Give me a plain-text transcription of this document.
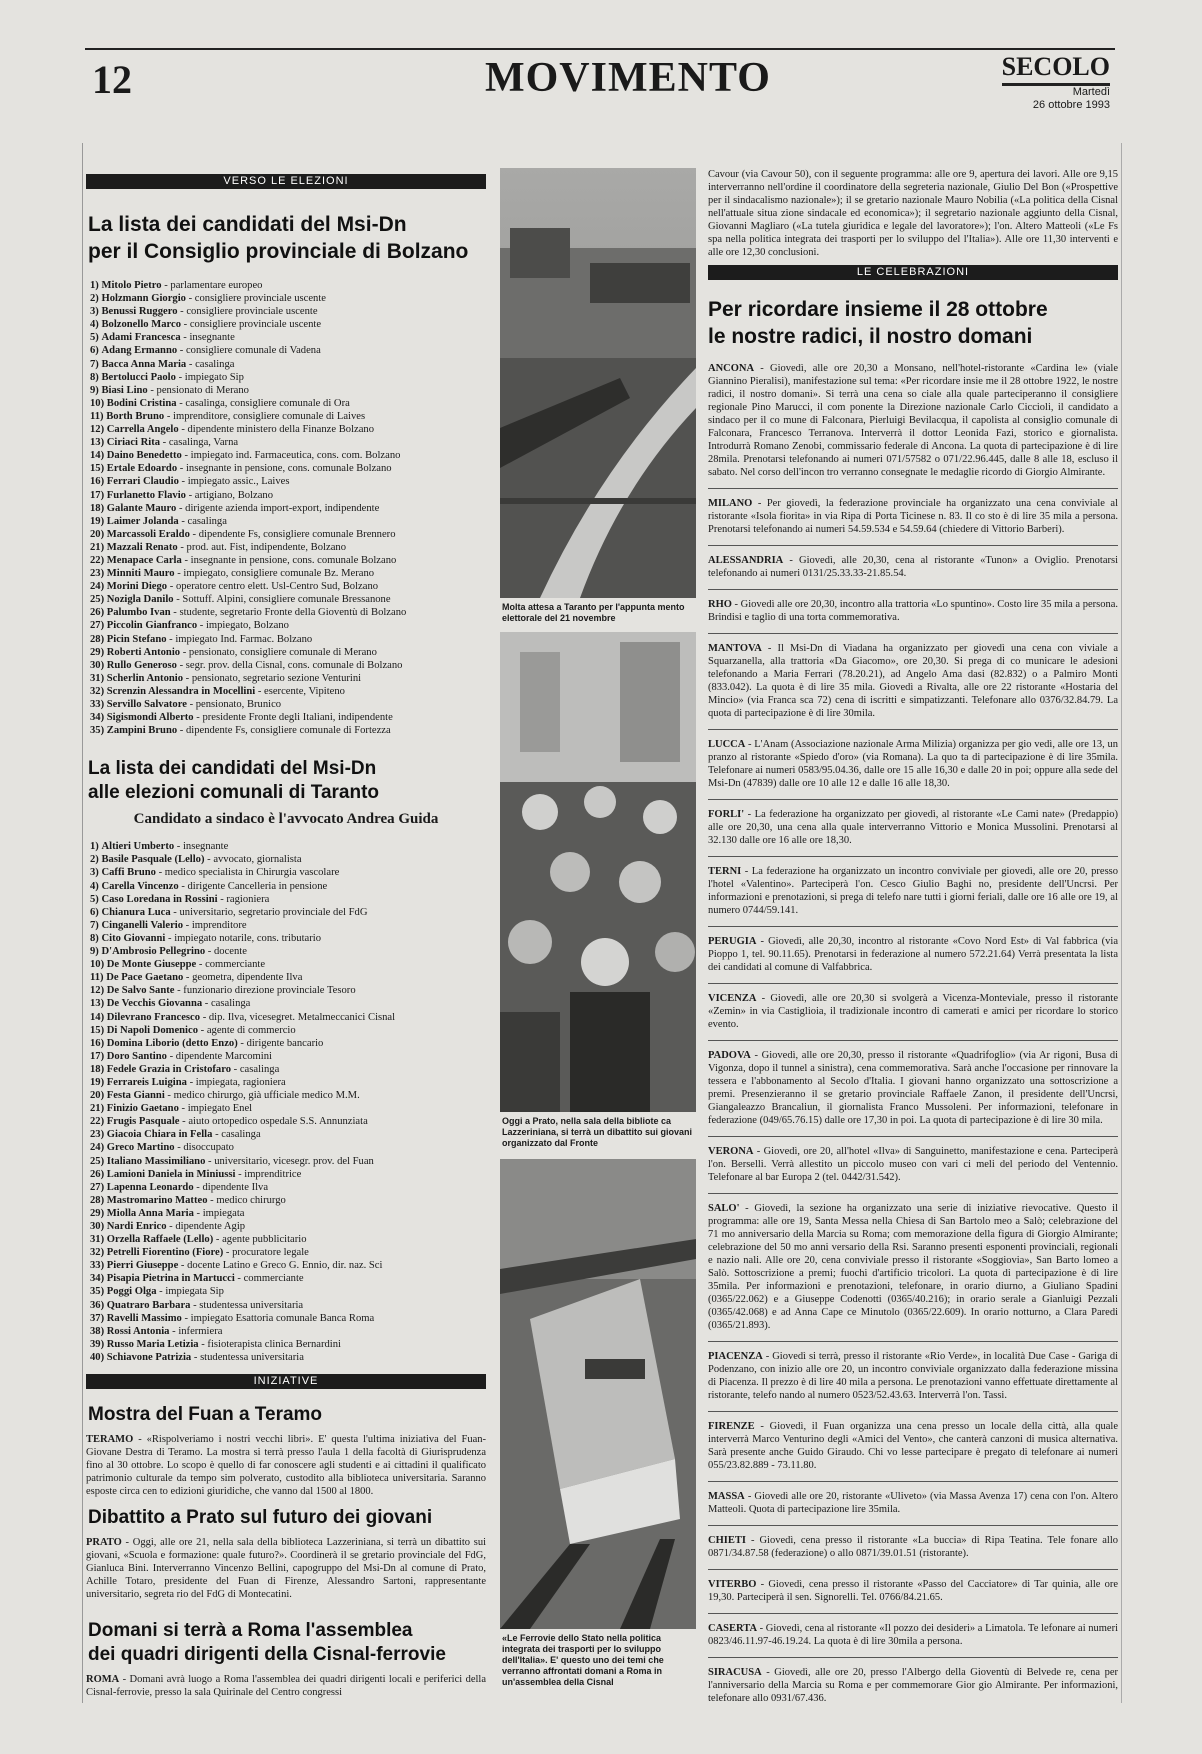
12	MOVIMENTO	SECOLO
Martedì
26 ottobre 1993
VERSO LE ELEZIONI
La lista dei candidati del Msi-Dn
per il Consiglio provinciale di Bolzano
1) Mitolo Pietro - parlamentare europeo
2) Holzmann Giorgio - consigliere provinciale uscente
3) Benussi Ruggero - consigliere provinciale uscente
4) Bolzonello Marco - consigliere provinciale uscente
5) Adami Francesca - insegnante
6) Adang Ermanno - consigliere comunale di Vadena
7) Bacca Anna Maria - casalinga
8) Bertolucci Paolo - impiegato Sip
9) Biasi Lino - pensionato di Merano
10) Bodini Cristina - casalinga, consigliere comunale di Ora
11) Borth Bruno - imprenditore, consigliere comunale di Laives
12) Carrella Angelo - dipendente ministero della Finanze Bolzano
13) Ciriaci Rita - casalinga, Varna
14) Daino Benedetto - impiegato ind. Farmaceutica, cons. com. Bolzano
15) Ertale Edoardo - insegnante in pensione, cons. comunale Bolzano
16) Ferrari Claudio - impiegato assic., Laives
17) Furlanetto Flavio - artigiano, Bolzano
18) Galante Mauro - dirigente azienda import-export, indipendente
19) Laimer Jolanda - casalinga
20) Marcassoli Eraldo - dipendente Fs, consigliere comunale Brennero
21) Mazzali Renato - prod. aut. Fist, indipendente, Bolzano
22) Menapace Carla - insegnante in pensione, cons. comunale Bolzano
23) Minniti Mauro - impiegato, consigliere comunale Bz. Merano
24) Morini Diego - operatore centro elett. Usl-Centro Sud, Bolzano
25) Nozigla Danilo - Sottuff. Alpini, consigliere comunale Bressanone
26) Palumbo Ivan - studente, segretario Fronte della Gioventù di Bolzano
27) Piccolin Gianfranco - impiegato, Bolzano
28) Picin Stefano - impiegato Ind. Farmac. Bolzano
29) Roberti Antonio - pensionato, consigliere comunale di Merano
30) Rullo Generoso - segr. prov. della Cisnal, cons. comunale di Bolzano
31) Scherlin Antonio - pensionato, segretario sezione Venturini
32) Screnzin Alessandra in Mocellini - esercente, Vipiteno
33) Servillo Salvatore - pensionato, Brunico
34) Sigismondi Alberto - presidente Fronte degli Italiani, indipendente
35) Zampini Bruno - dipendente Fs, consigliere comunale di Fortezza
La lista dei candidati del Msi-Dn
alle elezioni comunali di Taranto
Candidato a sindaco è l'avvocato Andrea Guida
1) Altieri Umberto - insegnante
2) Basile Pasquale (Lello) - avvocato, giornalista
3) Caffi Bruno - medico specialista in Chirurgia vascolare
4) Carella Vincenzo - dirigente Cancelleria in pensione
5) Caso Loredana in Rossini - ragioniera
6) Chianura Luca - universitario, segretario provinciale del FdG
7) Cinganelli Valerio - imprenditore
8) Cito Giovanni - impiegato notarile, cons. tributario
9) D'Ambrosio Pellegrino - docente
10) De Monte Giuseppe - commerciante
11) De Pace Gaetano - geometra, dipendente Ilva
12) De Salvo Sante - funzionario direzione provinciale Tesoro
13) De Vecchis Giovanna - casalinga
14) Dilevrano Francesco - dip. Ilva, vicesegret. Metalmeccanici Cisnal
15) Di Napoli Domenico - agente di commercio
16) Domina Liborio (detto Enzo) - dirigente bancario
17) Doro Santino - dipendente Marcomini
18) Fedele Grazia in Cristofaro - casalinga
19) Ferrareis Luigina - impiegata, ragioniera
20) Festa Gianni - medico chirurgo, già ufficiale medico M.M.
21) Finizio Gaetano - impiegato Enel
22) Frugis Pasquale - aiuto ortopedico ospedale S.S. Annunziata
23) Giacoia Chiara in Fella - casalinga
24) Greco Martino - disoccupato
25) Italiano Massimiliano - universitario, vicesegr. prov. del Fuan
26) Lamioni Daniela in Miniussi - imprenditrice
27) Lapenna Leonardo - dipendente Ilva
28) Mastromarino Matteo - medico chirurgo
29) Miolla Anna Maria - impiegata
30) Nardi Enrico - dipendente Agip
31) Orzella Raffaele (Lello) - agente pubblicitario
32) Petrelli Fiorentino (Fiore) - procuratore legale
33) Pierri Giuseppe - docente Latino e Greco G. Ennio, dir. naz. Sci
34) Pisapia Pietrina in Martucci - commerciante
35) Poggi Olga - impiegata Sip
36) Quatraro Barbara - studentessa universitaria
37) Ravelli Massimo - impiegato Esattoria comunale Banca Roma
38) Rossi Antonia - infermiera
39) Russo Maria Letizia - fisioterapista clinica Bernardini
40) Schiavone Patrizia - studentessa universitaria
INIZIATIVE
Mostra del Fuan a Teramo

TERAMO - «Rispolveriamo i nostri vecchi libri». E' questa l'ultima iniziativa del Fuan-Giovane Destra di Teramo. La mostra si terrà presso l'aula 1 della facoltà di Giurisprudenza fino al 30 ottobre. Lo scopo è quello di far conoscere agli studenti e ai cittadini il qualificato patrimonio culturale da tempo sim polverato, custodito alla biblioteca universitaria. Saranno esposte circa cen to edizioni giuridiche, che vanno dal 1500 al 1800.

Dibattito a Prato sul futuro dei giovani

PRATO - Oggi, alle ore 21, nella sala della biblioteca Lazzeriniana, si terrà un dibattito sui giovani, «Scuola e formazione: quale futuro?». Coordinerà il se gretario provinciale del FdG, Gianluca Bini. Interverranno Vincenzo Bellini, capogruppo del Msi-Dn al comune di Prato, Achille Totaro, presidente del Fuan di Firenze, Alessandro Sartoni, rappresentante universitario, segreta rio del FdG di Montecatini.

Domani si terrà a Roma l'assemblea
dei quadri dirigenti della Cisnal-ferrovie

ROMA - Domani avrà luogo a Roma l'assemblea dei quadri dirigenti locali e periferici della Cisnal-ferrovie, presso la sala Quirinale del Centro congressi

Molta attesa a Taranto per l'appunta mento elettorale del 21 novembre
Oggi a Prato, nella sala della bibliote ca Lazzeriniana, si terrà un dibattito sui giovani organizzato dal Fronte
«Le Ferrovie dello Stato nella politica integrata dei trasporti per lo sviluppo dell'Italia». E' questo uno dei temi che verranno affrontati domani a Roma in un'assemblea della Cisnal

Cavour (via Cavour 50), con il seguente programma: alle ore 9, apertura dei lavori. Alle ore 9,15 interverranno nell'ordine il coordinatore della segreteria nazionale, Giulio Del Bon («Prospettive per il sindacalismo nazionale»); il se gretario nazionale Mauro Nobilia («La politica della Cisnal nell'attuale situa zione sindacale ed economica»); il segretario nazionale aggiunto della Cisnal, Giovanni Magliaro («La tutela giuridica e legale del lavoratore»); l'on. Altero Matteoli («Le Fs spa nella politica integrata dei trasporti per lo sviluppo del l'Italia»). Alle ore 11,30 interventi e alle ore 12,30 conclusioni.

LE CELEBRAZIONI
Per ricordare insieme il 28 ottobre
le nostre radici, il nostro domani

ANCONA - Giovedì, alle ore 20,30 a Monsano, nell'hotel-ristorante «Cardina le» (viale Giannino Pieralisi), manifestazione sul tema: «Per ricordare insie me il 28 ottobre 1922, le nostre radici, il nostro domani». Si terrà una cena so ciale alla quale parteciperanno il consigliere regionale Pino Marucci, il com ponente la Direzione nazionale Carlo Ciccioli, il candidato a sindaco per il co mune di Falconara, Pierluigi Bevilacqua, il capolista al consiglio comunale di Falconara, Francesco Terranova. Interverrà il dottor Leonida Fazi, storico e giornalista. Introdurrà Romano Zenobi, commissario federale di Ancona. La quota di partecipazione è di lire 28mila. Prenotarsi telefonando ai numeri 071/57582 o 071/22.96.445, dalle 8 alle 18, escluso il sabato. Nel corso dell'incon tro verranno consegnate le medaglie ricordo di Giorgio Almirante.

MILANO - Per giovedì, la federazione provinciale ha organizzato una cena conviviale al ristorante «Isola fiorita» in via Ripa di Porta Ticinese n. 83. Il co sto è di lire 35 mila a persona. Prenotarsi telefonando ai numeri 54.59.534 e 54.59.64 (chiedere di Vittorio Barberi).

ALESSANDRIA - Giovedì, alle 20,30, cena al ristorante «Tunon» a Oviglio. Prenotarsi telefonando ai numeri 0131/25.33.33-21.85.54.

RHO - Giovedì alle ore 20,30, incontro alla trattoria «Lo spuntino». Costo lire 35 mila a persona. Brindisi e taglio di una torta commemorativa.

MANTOVA - Il Msi-Dn di Viadana ha organizzato per giovedì una cena con viviale a Squarzanella, alla trattoria «Da Giacomo», ore 20,30. Si prega di co municare le adesioni telefonando a Maria Ferrari (78.20.21), ad Angelo Ama dasi (82.832) o a Palmiro Monti (833.042). La quota è di lire 35 mila. Giovedì a Rivalta, alle ore 22 ristorante «Hostaria del Mincio» (via Franca sca 72) cena di iscritti e simpatizzanti. Telefonare allo 0376/32.84.79. La quota di partecipazione è di lire 30mila.

LUCCA - L'Anam (Associazione nazionale Arma Milizia) organizza per gio vedì, alle ore 13, un pranzo al ristorante «Spiedo d'oro» (via Romana). La quo ta di partecipazione è di lire 35mila. Telefonare ai numeri 0583/95.04.36, dalle ore 15 alle 16,30 e dalle 20 in poi; oppure alla sede del Msi-Dn (47839) dalle ore 10 alle 12 e dalle 16 alle 18,30.

FORLI' - La federazione ha organizzato per giovedì, al ristorante «Le Cami nate» (Predappio) alle ore 20,30, una cena alla quale interverranno Vittorio e Monica Mussolini. Prenotarsi al 32.130 dalle ore 16 alle ore 18,30.

TERNI - La federazione ha organizzato un incontro conviviale per giovedì, alle ore 20, presso l'hotel «Valentino». Parteciperà l'on. Cesco Giulio Baghi no, presidente dell'Uncrsi. Per informazioni e prenotazioni, si prega di telefo nare tutti i giorni feriali, dalle ore 16 alle ore 19, al numero 0744/59.141.

PERUGIA - Giovedì, alle 20,30, incontro al ristorante «Covo Nord Est» di Val fabbrica (via Pioppo 1, tel. 90.11.65). Prenotarsi in federazione al numero 572.21.64) Verrà presentata la lista dei candidati al comune di Valfabbrica.

VICENZA - Giovedì, alle ore 20,30 si svolgerà a Vicenza-Monteviale, presso il ristorante «Zemin» in via Castiglioia, il tradizionale incontro di camerati e amici per ricordare lo storico evento.

PADOVA - Giovedì, alle ore 20,30, presso il ristorante «Quadrifoglio» (via Ar rigoni, Busa di Vigonza, dopo il tunnel a sinistra), cena commemorativa. Sarà anche l'occasione per rinnovare la tessera e l'abbonamento al Secolo d'Italia. I giovani hanno organizzato una sottoscrizione a premi. Presenzieranno il se gretario provinciale Raffaele Zanon, il presidente dell'Uncrsi, Giangaleazzo Brancaliun, il giornalista Franco Mussoleni. Per informazioni, telefonare in federazione (049/65.76.15) dalle ore 17,30 in poi. La quota di partecipazione è di lire 30 mila.

VERONA - Giovedì, ore 20, all'hotel «Ilva» di Sanguinetto, manifestazione e cena. Parteciperà l'on. Berselli. Verrà allestito un piccolo museo con vari ci meli del periodo del Ventennio. Telefonare al bar Europa 2 (tel. 0442/31.542).

SALO' - Giovedì, la sezione ha organizzato una serie di iniziative rievocative. Questo il programma: alle ore 19, Santa Messa nella Chiesa di San Bartolo meo a Salò; celebrazione del 71 mo anniversario della Marcia su Roma; com memorazione della figura di Giorgio Almirante; celebrazione del 50 mo anni versario della Rsi. Saranno presenti esponenti provinciali, regionali e nazio nali. Alle ore 20, cena conviviale presso il ristorante «Soggiovia», San Barto lomeo a Salò. Sottoscrizione a premi; fuochi d'artificio tricolori. La quota di partecipazione è di lire 35mila. Per informazioni e prenotazioni, telefonare, in orario diurno, a Giuliano Spadini (0365/22.062) e a Giuseppe Codenotti (0365/40.216); in orario serale a Gianluigi Pezzali (0365/42.068) e ad Anna Cape ce Minutolo (0365/22.609). In orario notturno, a Clara Paredi (0365/21.893).

PIACENZA - Giovedì si terrà, presso il ristorante «Rio Verde», in località Due Case - Gariga di Podenzano, con inizio alle ore 20, un incontro conviviale organizzato dalla federazione missina di Piacenza. Il prezzo è di lire 40 mila a persona. Le prenotazioni vanno effettuate direttamente al ristorante, telefo nando al numero 0523/52.43.63. Interverrà l'on. Tassi.

FIRENZE - Giovedì, il Fuan organizza una cena presso un locale della città, alla quale interverrà Marco Venturino degli «Amici del Vento», che canterà canzoni di musica alternativa. Sarà presente anche Guido Giraudo. Chi vo lesse partecipare è pregato di telefonare ai numeri 055/23.82.889 - 73.11.80.

MASSA - Giovedì alle ore 20, ristorante «Uliveto» (via Massa Avenza 17) cena con l'on. Altero Matteoli. Quota di partecipazione lire 35mila.

CHIETI - Giovedì, cena presso il ristorante «La buccia» di Ripa Teatina. Tele fonare allo 0871/34.87.58 (federazione) o allo 0871/39.01.51 (ristorante).

VITERBO - Giovedì, cena presso il ristorante «Passo del Cacciatore» di Tar quinia, alle ore 19,30. Parteciperà il sen. Signorelli. Tel. 0766/84.21.65.

CASERTA - Giovedì, cena al ristorante «Il pozzo dei desideri» a Limatola. Te lefonare ai numeri 0823/46.11.97-46.19.24. La quota è di lire 30mila a persona.

SIRACUSA - Giovedì, alle ore 20, presso l'Albergo della Gioventù di Belvede re, cena per l'anniversario della Marcia su Roma e per commemorare Gior gio Almirante. Per informazioni, telefonare allo 0931/67.436.
